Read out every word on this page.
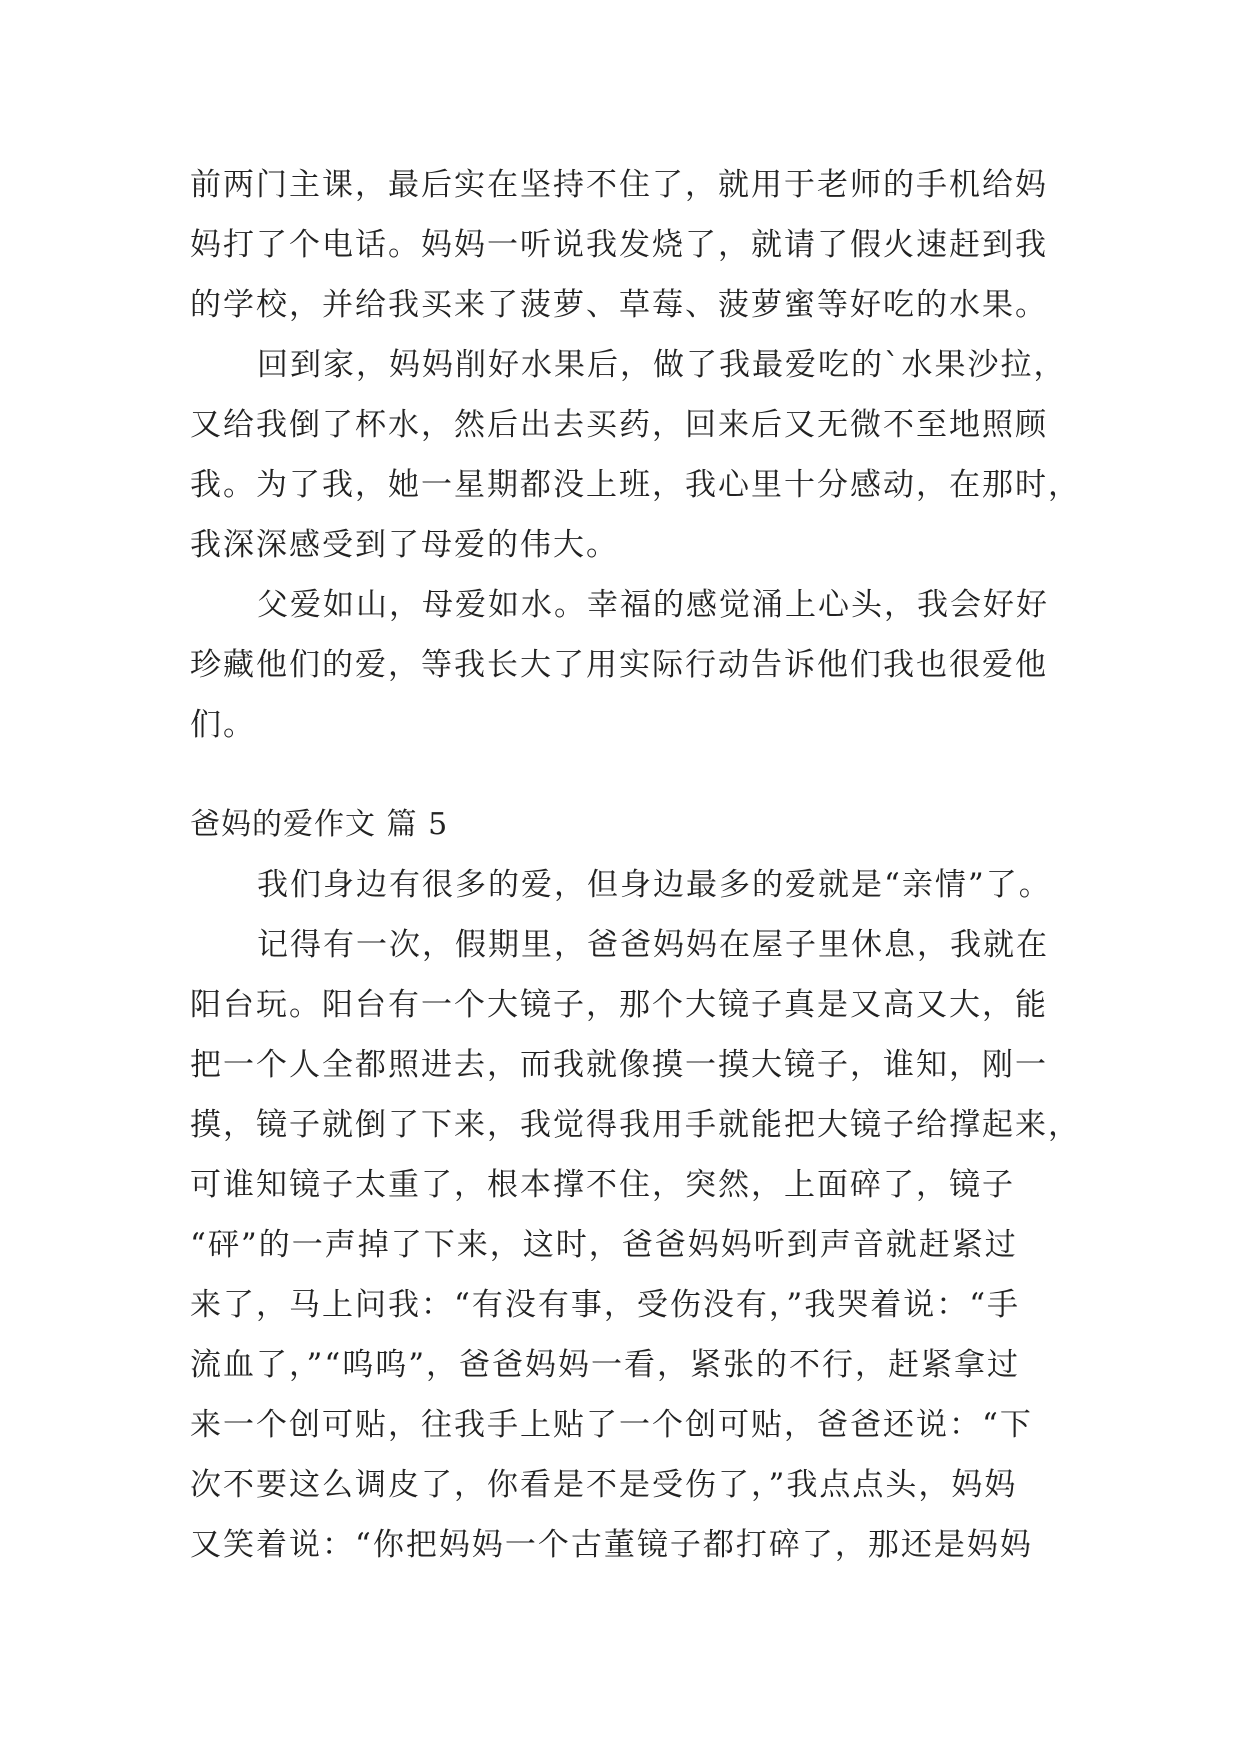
前两门主课，最后实在坚持不住了，就用于老师的手机给妈
妈打了个电话。妈妈一听说我发烧了，就请了假火速赶到我
的学校，并给我买来了菠萝、草莓、菠萝蜜等好吃的水果。
回到家，妈妈削好水果后，做了我最爱吃的`水果沙拉，
又给我倒了杯水，然后出去买药，回来后又无微不至地照顾
我。为了我，她一星期都没上班，我心里十分感动，在那时，
我深深感受到了母爱的伟大。
父爱如山，母爱如水。幸福的感觉涌上心头，我会好好
珍藏他们的爱，等我长大了用实际行动告诉他们我也很爱他
们。
爸妈的爱作文 篇 5
我们身边有很多的爱，但身边最多的爱就是“亲情”了。
记得有一次，假期里，爸爸妈妈在屋子里休息，我就在
阳台玩。阳台有一个大镜子，那个大镜子真是又高又大，能
把一个人全都照进去，而我就像摸一摸大镜子，谁知，刚一
摸，镜子就倒了下来，我觉得我用手就能把大镜子给撑起来，
可谁知镜子太重了，根本撑不住，突然，上面碎了，镜子
“砰”的一声掉了下来，这时，爸爸妈妈听到声音就赶紧过
来了，马上问我：“有没有事，受伤没有，”我哭着说：“手
流血了，”“呜呜”，爸爸妈妈一看，紧张的不行，赶紧拿过
来一个创可贴，往我手上贴了一个创可贴，爸爸还说：“下
次不要这么调皮了，你看是不是受伤了，”我点点头，妈妈
又笑着说：“你把妈妈一个古董镜子都打碎了，那还是妈妈
